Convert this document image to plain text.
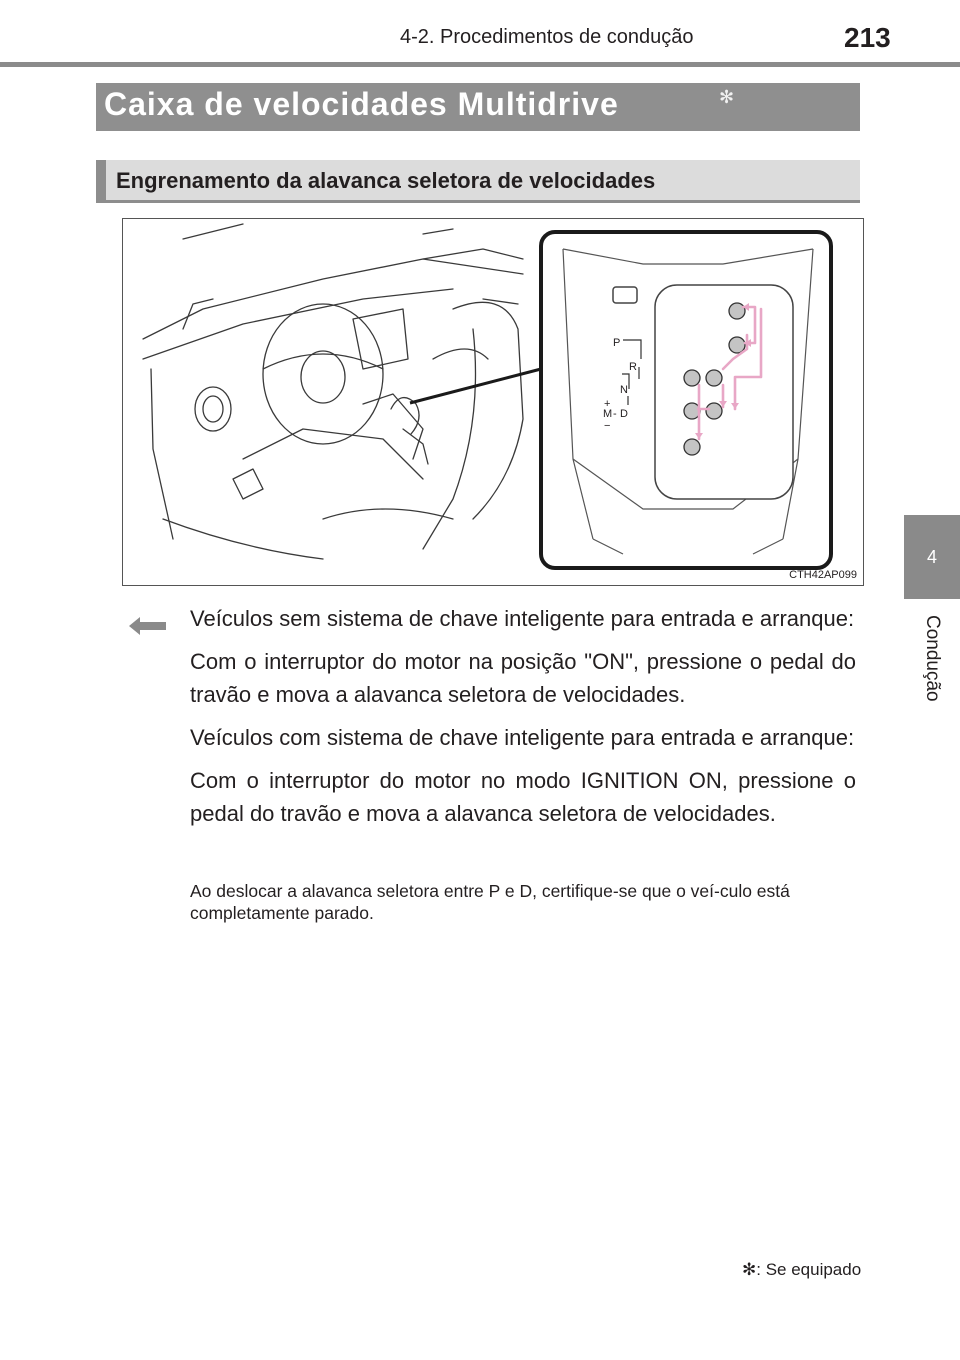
4-2. Procedimentos de condução	213
4
Condução
Caixa de velocidades Multidrive	✻
Engrenamento da alavanca seletora de velocidades
P
R
N
+
M - D
−
CTH42AP099

Veículos sem sistema de chave inteligente para entrada e arranque:

Com o interruptor do motor na posição "ON", pressione o pedal do travão e mova a alavanca seletora de velocidades.

Veículos com sistema de chave inteligente para entrada e arranque:

Com o interruptor do motor no modo IGNITION ON, pressione o pedal do travão e mova a alavanca seletora de velocidades.

Ao deslocar a alavanca seletora entre P e D, certifique-se que o veí-culo está completamente parado.
✻: Se equipado
